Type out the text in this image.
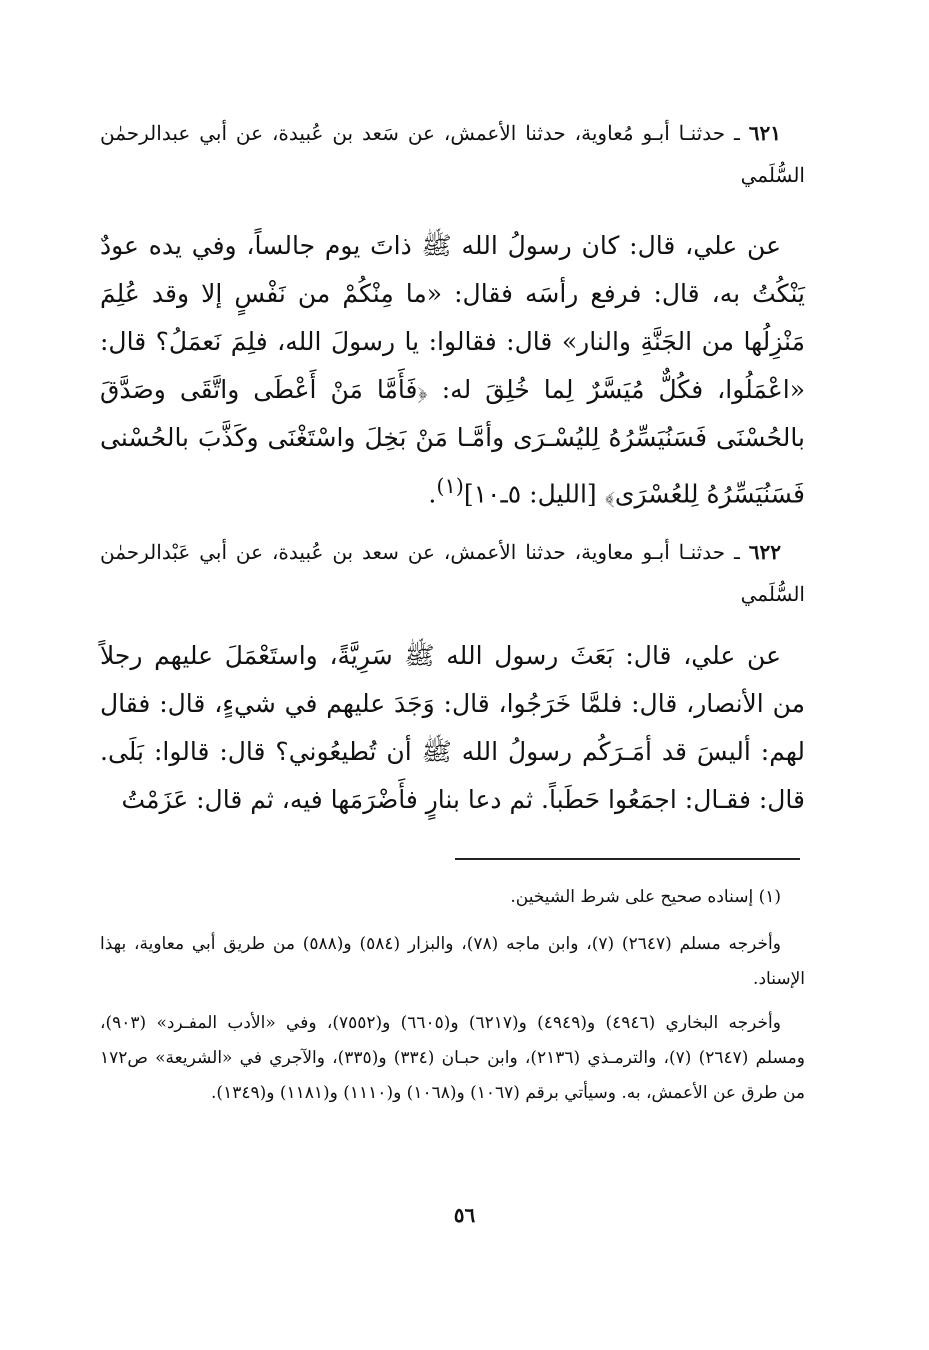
٦٢١ ـ حدثنـا أبـو مُعاوية، حدثنا الأعمش، عن سَعد بن عُبيدة، عن أبي عبدالرحمٰن السُّلَمي

عن علي، قال: كان رسولُ الله ﷺ ذاتَ يوم جالساً، وفي يده عودٌ يَنْكُتُ به، قال: فرفع رأسَه فقال: «ما مِنْكُمْ من نَفْسٍ إلا وقد عُلِمَ مَنْزِلُها من الجَنَّةِ والنار» قال: فقالوا: يا رسولَ الله، فلِمَ نَعمَلُ؟ قال: «اعْمَلُوا، فكُلٌّ مُيَسَّرٌ لِما خُلِقَ له: ﴿فَأَمَّا مَنْ أَعْطَى واتَّقَى وصَدَّقَ بالحُسْنَى فَسَنُيَسِّرُهُ لِليُسْـرَى وأمَّـا مَنْ بَخِلَ واسْتَغْنَى وكَذَّبَ بالحُسْنى فَسَنُيَسِّرُهُ لِلعُسْرَى﴾ [الليل: ٥ـ١٠]$^{(١)}$.

٦٢٢ ـ حدثنـا أبـو معاوية، حدثنا الأعمش، عن سعد بن عُبيدة، عن أبي عَبْدالرحمٰن السُّلَمي

عن علي، قال: بَعَثَ رسول الله ﷺ سَرِيَّةً، واستَعْمَلَ عليهم رجلاً من الأنصار، قال: فلمَّا خَرَجُوا، قال: وَجَدَ عليهم في شيءٍ، قال: فقال لهم: أليسَ قد أمَـرَكُم رسولُ الله ﷺ أن تُطيعُوني؟ قال: قالوا: بَلَى. قال: فقـال: اجمَعُوا حَطَباً. ثم دعا بنارٍ فأَضْرَمَها فيه، ثم قال: عَزَمْتُ

(١) إسناده صحيح على شرط الشيخين.

وأخرجه مسلم (٢٦٤٧) (٧)، وابن ماجه (٧٨)، والبزار (٥٨٤) و(٥٨٨) من طريق أبي معاوية، بهذا الإسناد.

وأخرجه البخاري (٤٩٤٦) و(٤٩٤٩) و(٦٢١٧) و(٦٦٠٥) و(٧٥٥٢)، وفي «الأدب المفـرد» (٩٠٣)، ومسلم (٢٦٤٧) (٧)، والترمـذي (٢١٣٦)، وابن حبـان (٣٣٤) و(٣٣٥)، والآجري في «الشريعة» ص١٧٢ من طرق عن الأعمش، به. وسيأتي برقم (١٠٦٧) و(١٠٦٨) و(١١١٠) و(١١٨١) و(١٣٤٩).

٥٦
